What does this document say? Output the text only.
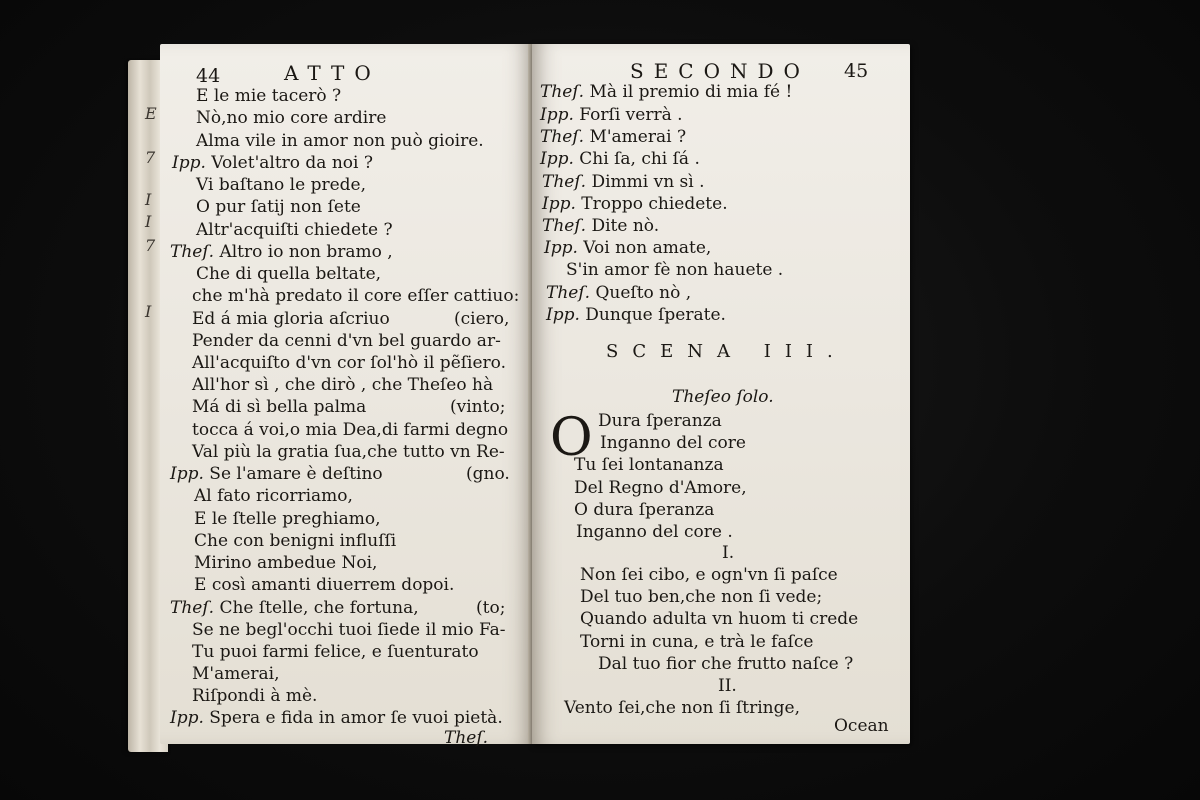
E
7
I
I
7
I
44	ATTO
E le mie tacerò ?
Nò,no mio core ardire
Alma vile in amor non può gioire.
Ipp. Volet'altro da noi ?
Vi baſtano le prede,
O pur ſatij non ſete
Altr'acquiſti chiedete ?
Theſ. Altro io non bramo ,
Che di quella beltate,
che m'hà predato il core eſſer cattiuo:
Ed á mia gloria aſcriuo
Pender da cenni d'vn bel guardo ar-
All'acquiſto d'vn cor ſol'hò il pẽſiero.
All'hor sì , che dirò , che Theſeo hà
Má di sì bella palma
tocca á voi,o mia Dea,di farmi degno
Val più la gratia ſua,che tutto vn Re-
Ipp. Se l'amare è deſtino
Al fato ricorriamo,
E le ſtelle preghiamo,
Che con benigni influſſi
Mirino ambedue Noi,
E così amanti diuerrem dopoi.
Theſ. Che ſtelle, che fortuna,
Se ne begl'occhi tuoi ſiede il mio Fa-
Tu puoi farmi felice, e ſuenturato
M'amerai,
Riſpondi à mè.
Ipp. Spera e fida in amor ſe vuoi pietà.
(ciero,
(vinto;
(gno.
(to;
Theſ.
SECONDO 45
Theſ. Mà il premio di mia fé !
Ipp. Forſi verrà .
Theſ. M'amerai ?
Ipp. Chi ſa, chi ſá .
Theſ. Dimmi vn sì .
Ipp. Troppo chiedete.
Theſ. Dite nò.
Ipp. Voi non amate,
S'in amor fè non hauete .
Theſ. Queſto nò ,
Ipp. Dunque ſperate.
SCENA III.
Theſeo ſolo.
O Dura ſperanza
Inganno del core
Tu ſei lontananza
Del Regno d'Amore,
O dura ſperanza
Inganno del core .
I.
Non ſei cibo, e ogn'vn ſi paſce
Del tuo ben,che non ſi vede;
Quando adulta vn huom ti crede
Torni in cuna, e trà le faſce
Dal tuo fior che frutto naſce ?
II.
Vento ſei,che non ſi ſtringe,
Ocean
